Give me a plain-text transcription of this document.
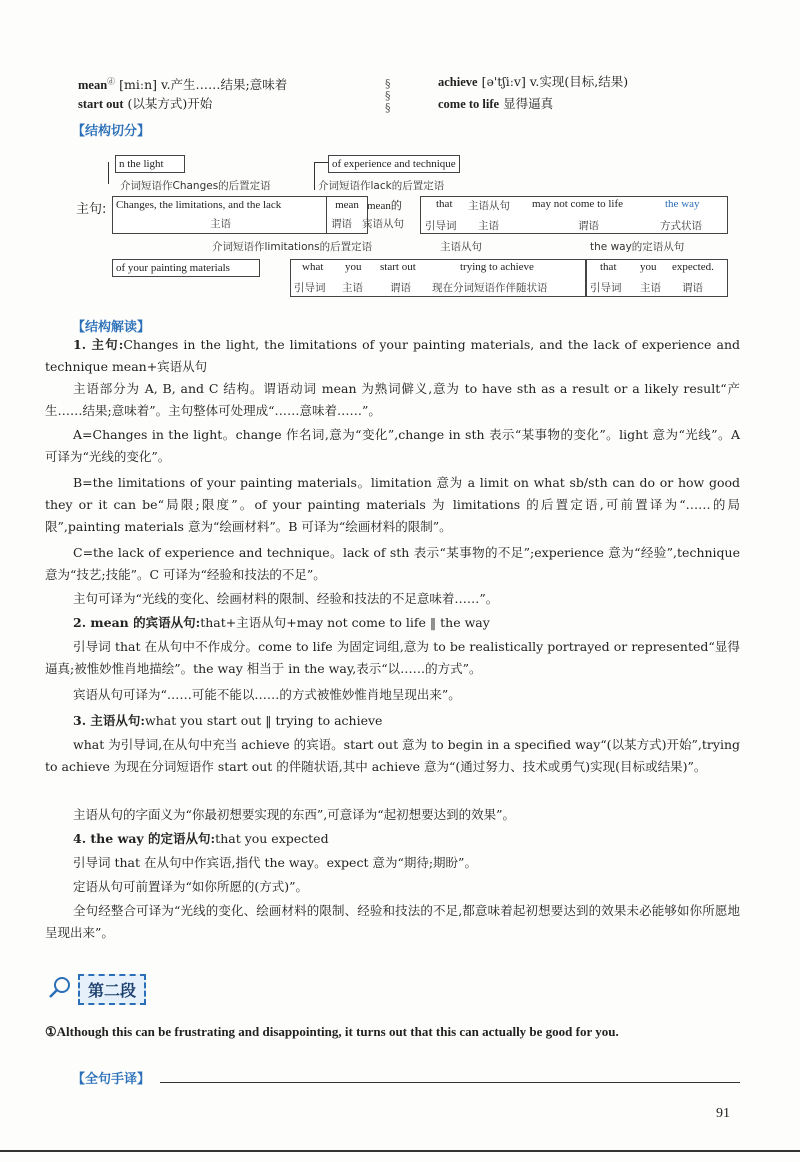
meanⓓ [miːn] v.产生……结果;意味着
start out (以某方式)开始
§
§
§
achieve [ə'tʃiːv] v.实现(目标,结果)
come to life 显得逼真
【结构切分】
n the light	of experience and technique
介词短语作Changes的后置定语	介词短语作lack的后置定语
主句: Changes, the limitations, and the lack
主语
mean
谓语
mean的
宾语从句
that 主语从句 may not come to life	the way
引导词 主语	谓语	方式状语
介词短语作limitations的后置定语	主语从句	the way的定语从句
of your painting materials	what you start out	trying to achieve
引导词 主语	谓语 现在分词短语作伴随状语
that you expected.
引导词 主语 谓语
【结构解读】
1. 主句:Changes in the light, the limitations of your painting materials, and the lack of experience and technique mean+宾语从句
主语部分为 A, B, and C 结构。谓语动词 mean 为熟词僻义,意为 to have sth as a result or a likely result“产生……结果;意味着”。主句整体可处理成“……意味着……”。
A=Changes in the light。change 作名词,意为“变化”,change in sth 表示“某事物的变化”。light 意为“光线”。A 可译为“光线的变化”。
B=the limitations of your painting materials。limitation 意为 a limit on what sb/sth can do or how good they or it can be“局限;限度”。of your painting materials 为 limitations 的后置定语,可前置译为“……的局限”,painting materials 意为“绘画材料”。B 可译为“绘画材料的限制”。
C=the lack of experience and technique。lack of sth 表示“某事物的不足”;experience 意为“经验”,technique 意为“技艺;技能”。C 可译为“经验和技法的不足”。
主句可译为“光线的变化、绘画材料的限制、经验和技法的不足意味着……”。
2. mean 的宾语从句:that+主语从句+may not come to life ‖ the way
引导词 that 在从句中不作成分。come to life 为固定词组,意为 to be realistically portrayed or represented“显得逼真;被惟妙惟肖地描绘”。the way 相当于 in the way,表示“以……的方式”。
宾语从句可译为“……可能不能以……的方式被惟妙惟肖地呈现出来”。
3. 主语从句:what you start out ‖ trying to achieve
what 为引导词,在从句中充当 achieve 的宾语。start out 意为 to begin in a specified way“(以某方式)开始”,trying to achieve 为现在分词短语作 start out 的伴随状语,其中 achieve 意为“(通过努力、技术或勇气)实现(目标或结果)”。
主语从句的字面义为“你最初想要实现的东西”,可意译为“起初想要达到的效果”。
4. the way 的定语从句:that you expected
引导词 that 在从句中作宾语,指代 the way。expect 意为“期待;期盼”。
定语从句可前置译为“如你所愿的(方式)”。
全句经整合可译为“光线的变化、绘画材料的限制、经验和技法的不足,都意味着起初想要达到的效果未必能够如你所愿地呈现出来”。
第二段
①Although this can be frustrating and disappointing, it turns out that this can actually be good for you.
【全句手译】
91
